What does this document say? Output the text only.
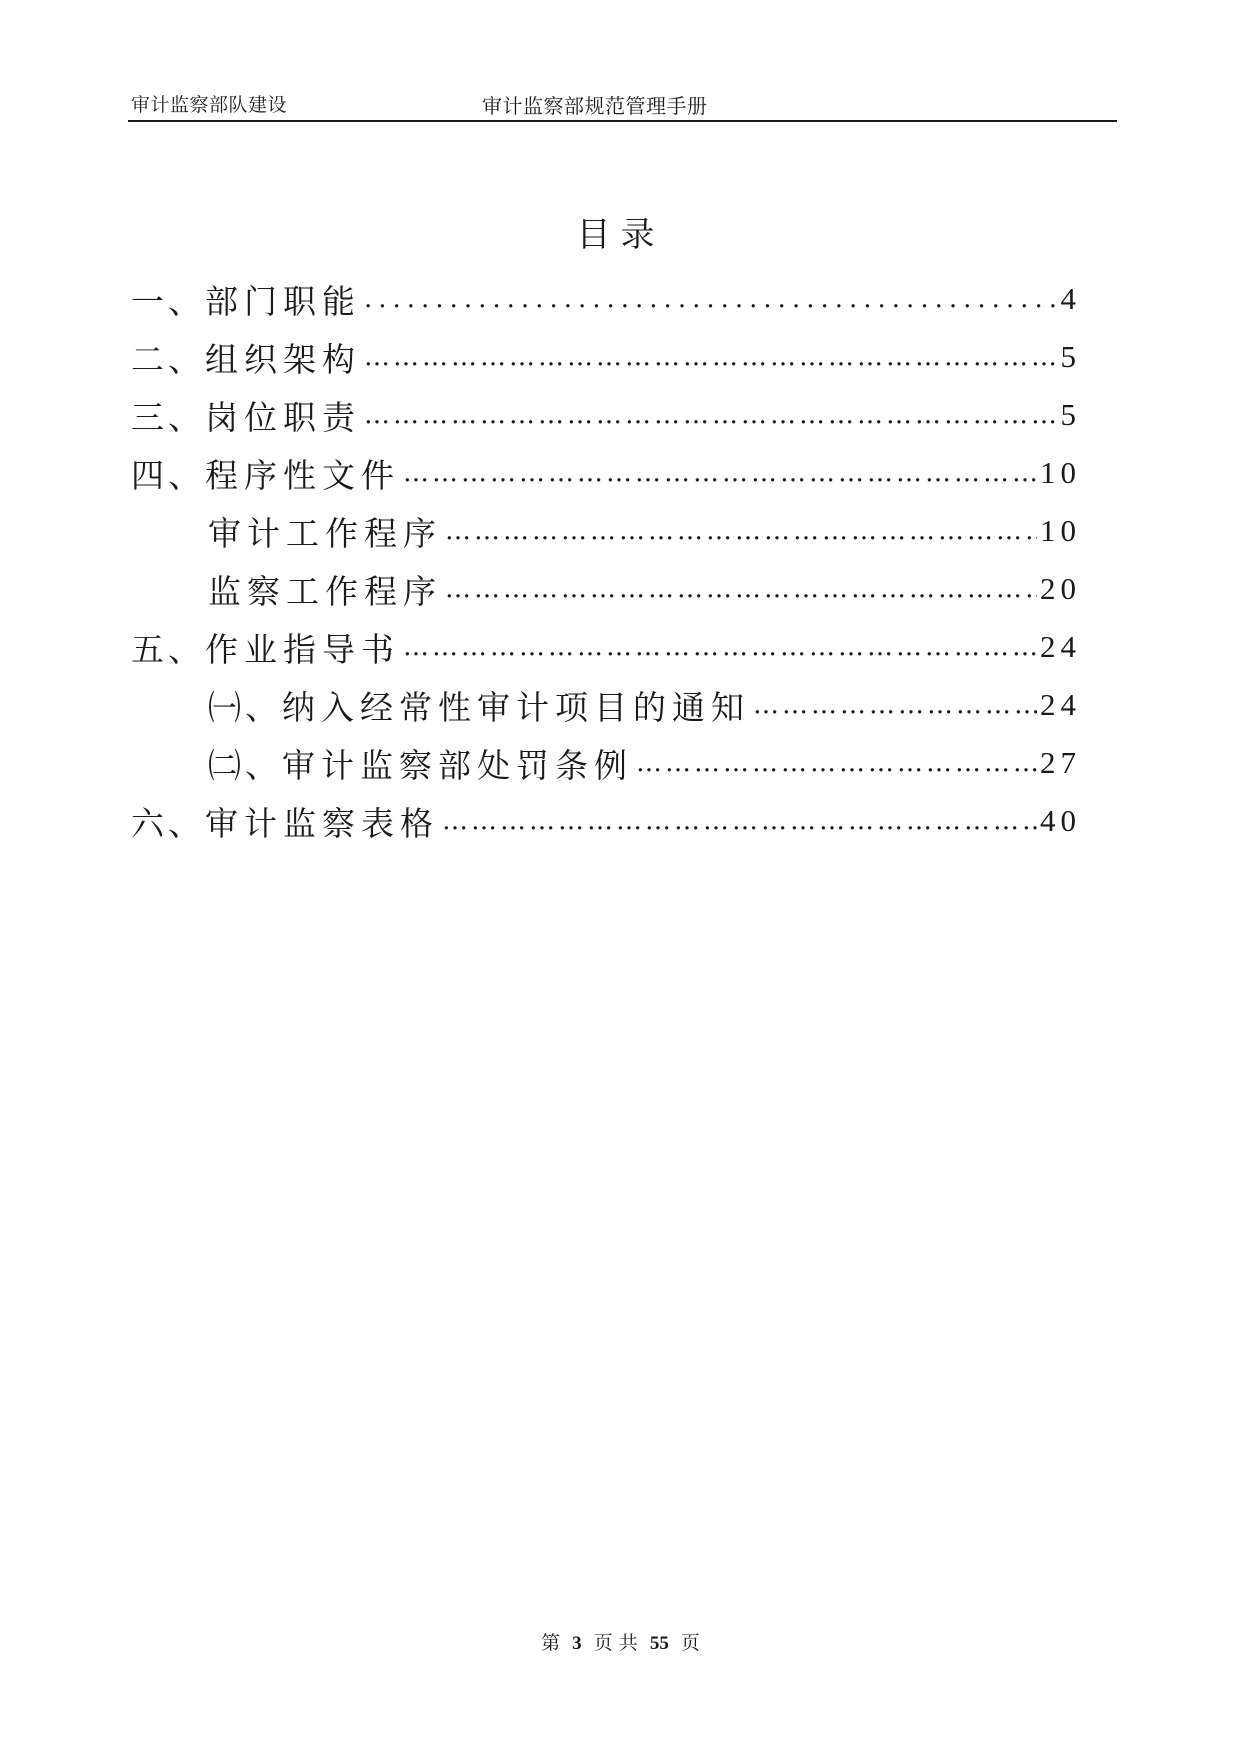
审计监察部队建设	审计监察部规范管理手册
目录
一、 部门职能 .....	4
二、 组织架构 ……………………………………………………………………………………………………………………………………………………………	5
三、 岗位职责 ……………………………………………………………………………………………………………………………………………………………	5
四、 程序性文件 ……………………………………………………………………………………………………………………………………………………………	10
审计工作程序 ……………………………………………………………………………………………………………………………………………………………	10
监察工作程序 ……………………………………………………………………………………………………………………………………………………………	20
五、 作业指导书 ……………………………………………………………………………………………………………………………………………………………	24
㈠、 纳入经常性审计项目的通知 ……………………………………………………………………………………………………………………………………………………………	24
㈡、 审计监察部处罚条例 ……………………………………………………………………………………………………………………………………………………………	27
六、 审计监察表格 ……………………………………………………………………………………………………………………………………………………………	40
第 3 页 共 55 页
